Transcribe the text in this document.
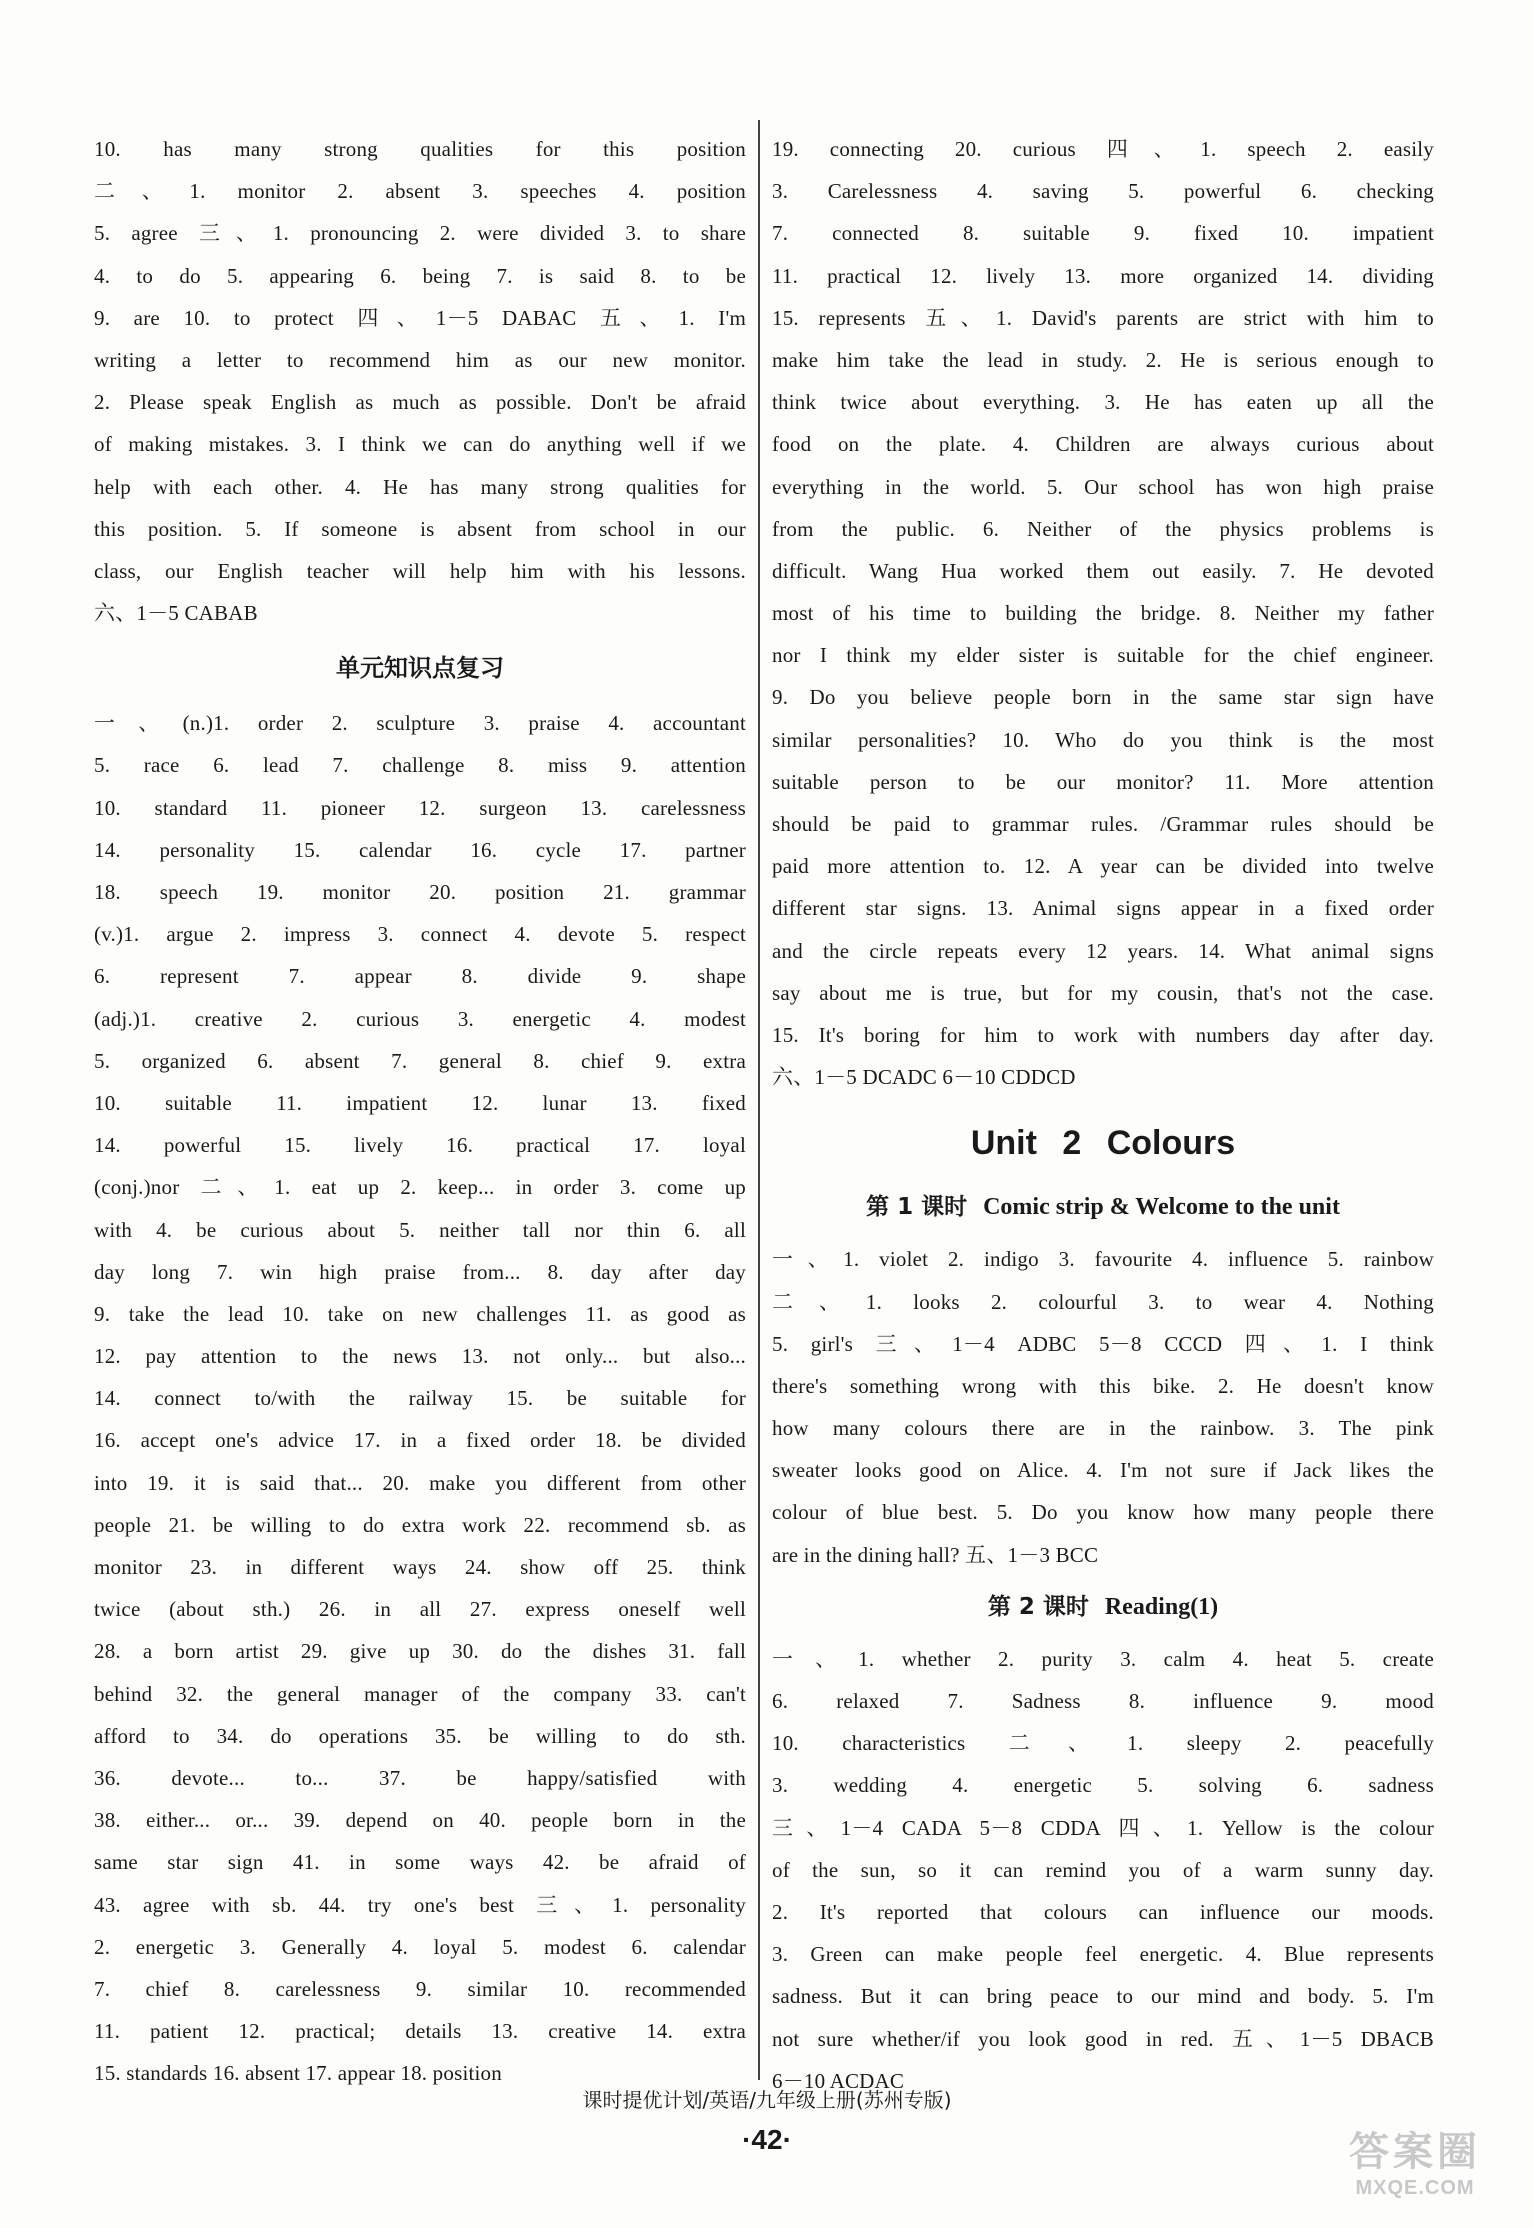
10. has many strong qualities for this position
二、1. monitor 2. absent 3. speeches 4. position
5. agree 三、1. pronouncing 2. were divided 3. to share
4. to do 5. appearing 6. being 7. is said 8. to be
9. are 10. to protect 四、1－5 DABAC 五、1. I'm
writing a letter to recommend him as our new monitor.
2. Please speak English as much as possible. Don't be afraid
of making mistakes. 3. I think we can do anything well if we
help with each other. 4. He has many strong qualities for
this position. 5. If someone is absent from school in our
class, our English teacher will help him with his lessons.
六、1－5 CABAB
单元知识点复习
一、(n.)1. order 2. sculpture 3. praise 4. accountant
5. race 6. lead 7. challenge 8. miss 9. attention
10. standard 11. pioneer 12. surgeon 13. carelessness
14. personality 15. calendar 16. cycle 17. partner
18. speech 19. monitor 20. position 21. grammar
(v.)1. argue 2. impress 3. connect 4. devote 5. respect
6. represent 7. appear 8. divide 9. shape
(adj.)1. creative 2. curious 3. energetic 4. modest
5. organized 6. absent 7. general 8. chief 9. extra
10. suitable 11. impatient 12. lunar 13. fixed
14. powerful 15. lively 16. practical 17. loyal
(conj.)nor 二、1. eat up 2. keep... in order 3. come up
with 4. be curious about 5. neither tall nor thin 6. all
day long 7. win high praise from... 8. day after day
9. take the lead 10. take on new challenges 11. as good as
12. pay attention to the news 13. not only... but also...
14. connect to/with the railway 15. be suitable for
16. accept one's advice 17. in a fixed order 18. be divided
into 19. it is said that... 20. make you different from other
people 21. be willing to do extra work 22. recommend sb. as
monitor 23. in different ways 24. show off 25. think
twice (about sth.) 26. in all 27. express oneself well
28. a born artist 29. give up 30. do the dishes 31. fall
behind 32. the general manager of the company 33. can't
afford to 34. do operations 35. be willing to do sth.
36. devote... to... 37. be happy/satisfied with
38. either... or... 39. depend on 40. people born in the
same star sign 41. in some ways 42. be afraid of
43. agree with sb. 44. try one's best 三、1. personality
2. energetic 3. Generally 4. loyal 5. modest 6. calendar
7. chief 8. carelessness 9. similar 10. recommended
11. patient 12. practical; details 13. creative 14. extra
15. standards 16. absent 17. appear 18. position
19. connecting 20. curious 四、1. speech 2. easily
3. Carelessness 4. saving 5. powerful 6. checking
7. connected 8. suitable 9. fixed 10. impatient
11. practical 12. lively 13. more organized 14. dividing
15. represents 五、1. David's parents are strict with him to
make him take the lead in study. 2. He is serious enough to
think twice about everything. 3. He has eaten up all the
food on the plate. 4. Children are always curious about
everything in the world. 5. Our school has won high praise
from the public. 6. Neither of the physics problems is
difficult. Wang Hua worked them out easily. 7. He devoted
most of his time to building the bridge. 8. Neither my father
nor I think my elder sister is suitable for the chief engineer.
9. Do you believe people born in the same star sign have
similar personalities? 10. Who do you think is the most
suitable person to be our monitor? 11. More attention
should be paid to grammar rules. /Grammar rules should be
paid more attention to. 12. A year can be divided into twelve
different star signs. 13. Animal signs appear in a fixed order
and the circle repeats every 12 years. 14. What animal signs
say about me is true, but for my cousin, that's not the case.
15. It's boring for him to work with numbers day after day.
六、1－5 DCADC 6－10 CDDCD
Unit 2 Colours
第 1 课时 Comic strip & Welcome to the unit
一、1. violet 2. indigo 3. favourite 4. influence 5. rainbow
二、1. looks 2. colourful 3. to wear 4. Nothing
5. girl's 三、1－4 ADBC 5－8 CCCD 四、1. I think
there's something wrong with this bike. 2. He doesn't know
how many colours there are in the rainbow. 3. The pink
sweater looks good on Alice. 4. I'm not sure if Jack likes the
colour of blue best. 5. Do you know how many people there
are in the dining hall? 五、1－3 BCC
第 2 课时 Reading(1)
一、1. whether 2. purity 3. calm 4. heat 5. create
6. relaxed 7. Sadness 8. influence 9. mood
10. characteristics 二、1. sleepy 2. peacefully
3. wedding 4. energetic 5. solving 6. sadness
三、1－4 CADA 5－8 CDDA 四、1. Yellow is the colour
of the sun, so it can remind you of a warm sunny day.
2. It's reported that colours can influence our moods.
3. Green can make people feel energetic. 4. Blue represents
sadness. But it can bring peace to our mind and body. 5. I'm
not sure whether/if you look good in red. 五、1－5 DBACB
6－10 ACDAC
课时提优计划/英语/九年级上册(苏州专版)
·42·	答案圈
MXQE.COM
